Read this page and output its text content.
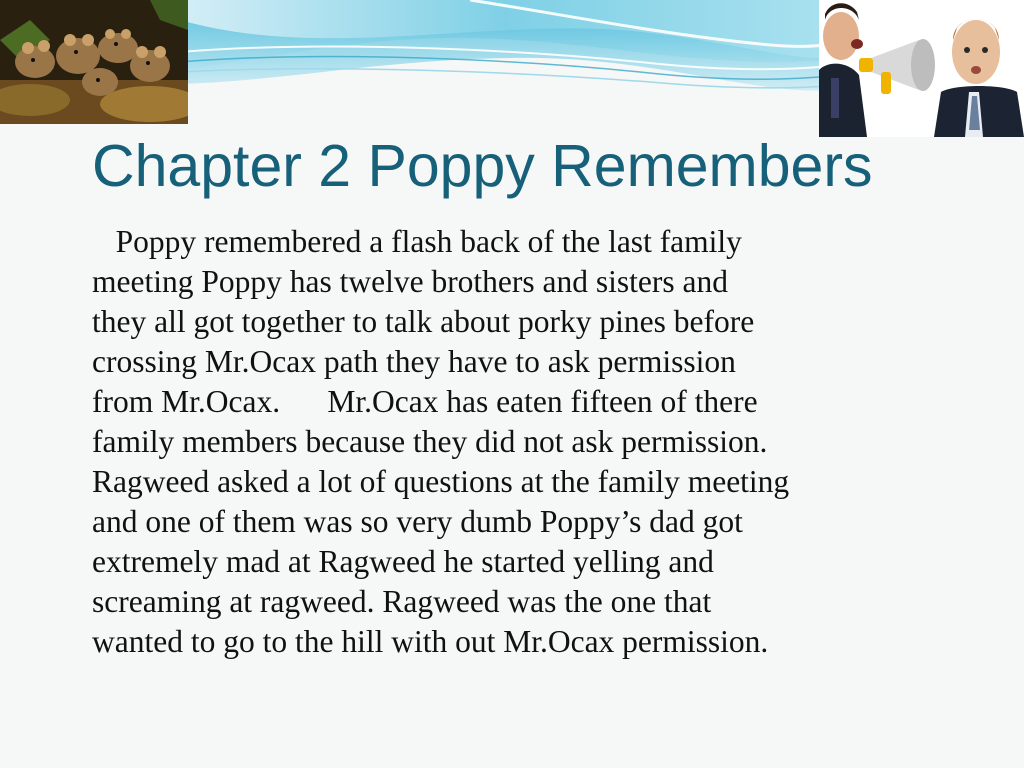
Chapter 2 Poppy Remembers
Poppy remembered a flash back of the last family
meeting Poppy has twelve brothers and sisters and
they all got together to talk about porky pines before
crossing Mr.Ocax path they have to ask permission
from Mr.Ocax.      Mr.Ocax has eaten fifteen of there
family members because they did not ask permission.
Ragweed asked a lot of questions at the family meeting
and one of them was so very dumb Poppy’s dad got
extremely mad at Ragweed he started yelling and
screaming at ragweed. Ragweed was the one that
wanted to go to the hill with out Mr.Ocax permission.
